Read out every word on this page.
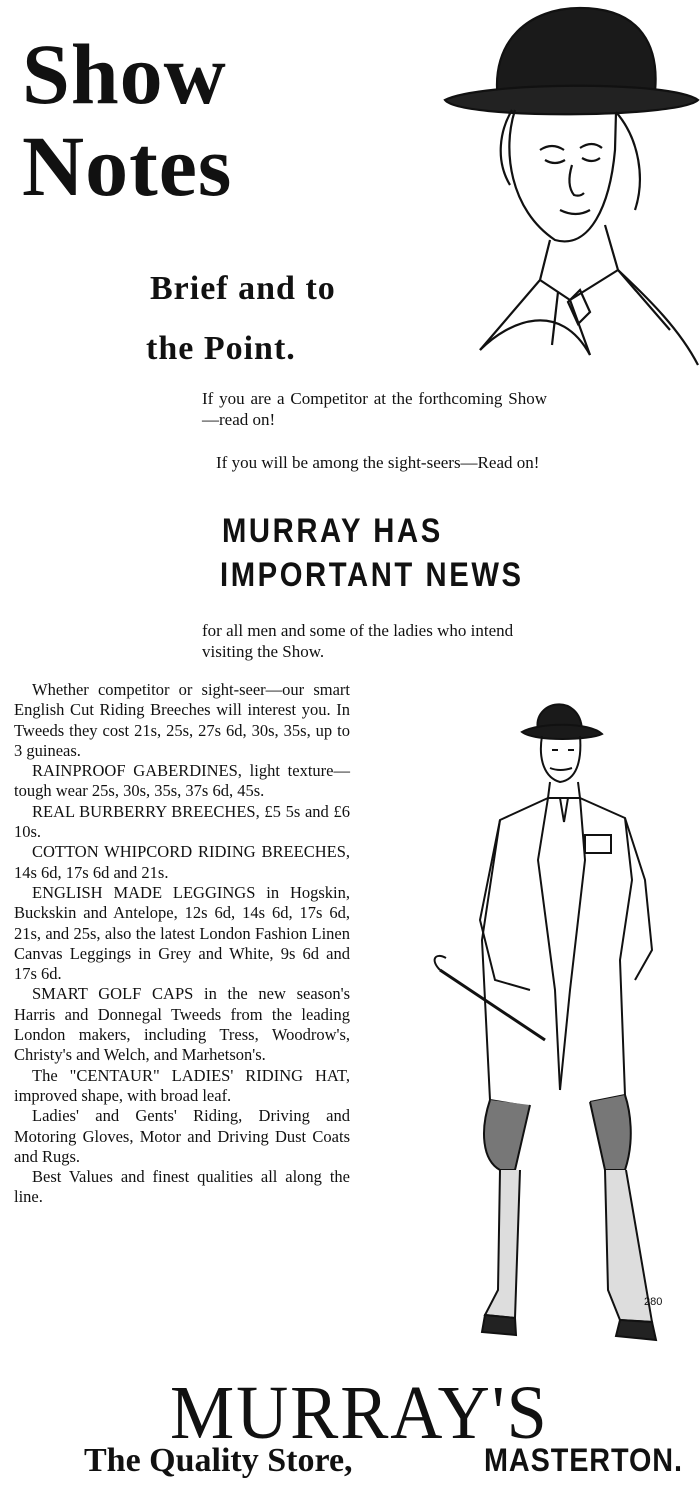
Show
Notes
Brief and to
the Point.
If you are a Competitor at the forthcoming Show—read on!
If you will be among the sight-seers—Read on!
MURRAY HAS
IMPORTANT NEWS
for all men and some of the ladies who intend visiting the Show.

Whether competitor or sight-seer—our smart English Cut Riding Breeches will interest you. In Tweeds they cost 21s, 25s, 27s 6d, 30s, 35s, up to 3 guineas.

RAINPROOF GABERDINES, light texture—tough wear 25s, 30s, 35s, 37s 6d, 45s.

REAL BURBERRY BREECHES, £5 5s and £6 10s.

COTTON WHIPCORD RIDING BREECHES, 14s 6d, 17s 6d and 21s.

ENGLISH MADE LEGGINGS in Hogskin, Buckskin and Antelope, 12s 6d, 14s 6d, 17s 6d, 21s, and 25s, also the latest London Fashion Linen Canvas Leggings in Grey and White, 9s 6d and 17s 6d.

SMART GOLF CAPS in the new season's Harris and Donnegal Tweeds from the leading London makers, including Tress, Woodrow's, Christy's and Welch, and Marhetson's.

The "CENTAUR" LADIES' RIDING HAT, improved shape, with broad leaf.

Ladies' and Gents' Riding, Driving and Motoring Gloves, Motor and Driving Dust Coats and Rugs.

Best Values and finest qualities all along the line.

280
MURRAY'S
The Quality Store,	MASTERTON.
